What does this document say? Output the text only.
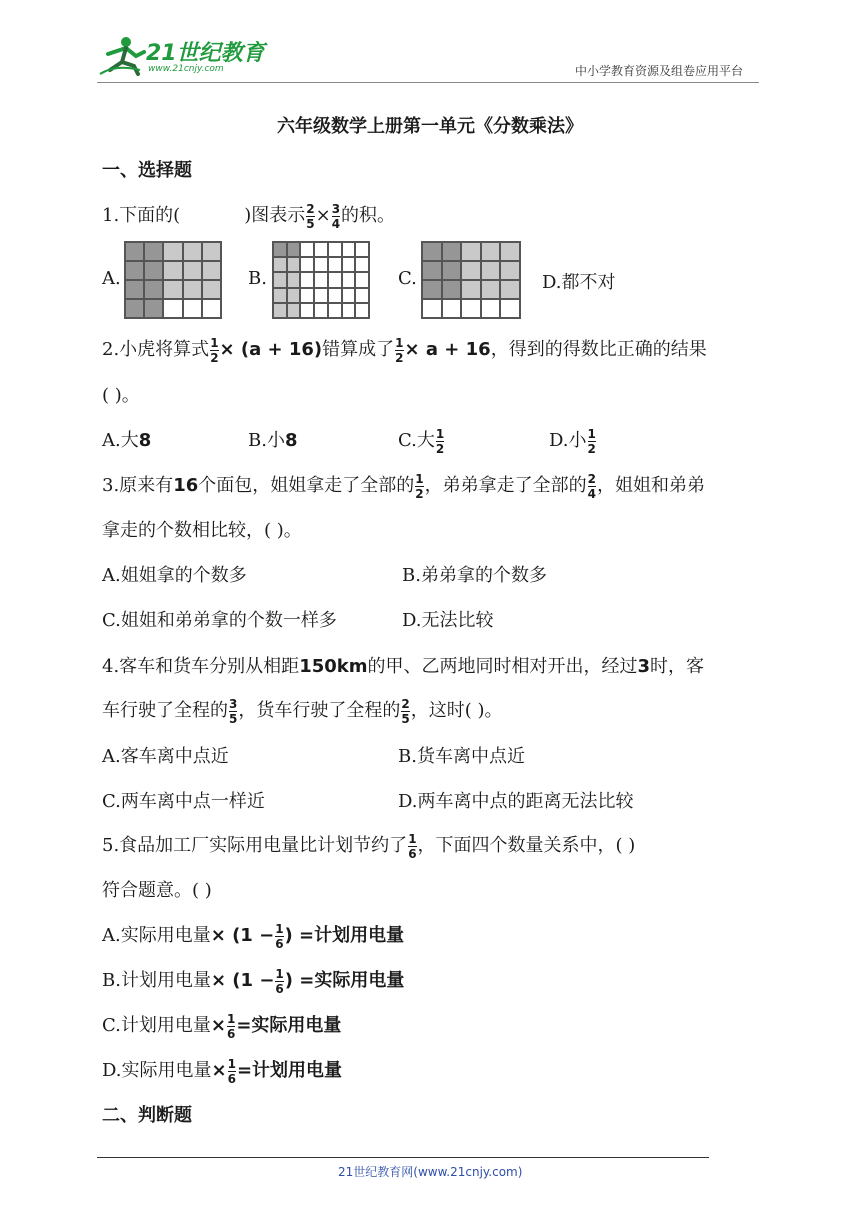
21世纪教育
www.21cnjy.com	中小学教育资源及组卷应用平台
六年级数学上册第一单元《分数乘法》
一、选择题
1.下面的(	)图表示 $\frac{2}{5} \times \frac{3}{4}$ 的积。
A.	B.	C.	D.都不对
2.小虎将算式 $\frac{1}{2} \times (a + 16)$错算成了 $\frac{1}{2} \times a + 16$，得到的得数比正确的结果
( )。
A.大8	B.小8	C.大 $\frac{1}{2}$	D.小 $\frac{1}{2}$
3.原来有16个面包，姐姐拿走了全部的 $\frac{1}{2}$ ，弟弟拿走了全部的 $\frac{2}{4}$ ，姐姐和弟弟
拿走的个数相比较，( )。
A.姐姐拿的个数多	B.弟弟拿的个数多
C.姐姐和弟弟拿的个数一样多	D.无法比较
4.客车和货车分别从相距150km的甲、乙两地同时相对开出，经过3时，客
车行驶了全程的 $\frac{3}{5}$ ，货车行驶了全程的 $\frac{2}{5}$ ，这时( )。
A.客车离中点近	B.货车离中点近
C.两车离中点一样近	D.两车离中点的距离无法比较
5.食品加工厂实际用电量比计划节约了 $\frac{1}{6}$ ，下面四个数量关系中，( )
符合题意。( )
A.实际用电量× ($1 - \frac{1}{6}$ ) =计划用电量
B.计划用电量× ($1 - \frac{1}{6}$ ) =实际用电量
C.计划用电量× $\frac{1}{6}$ =实际用电量
D.实际用电量× $\frac{1}{6}$ =计划用电量
二、判断题
21世纪教育网(www.21cnjy.com)
